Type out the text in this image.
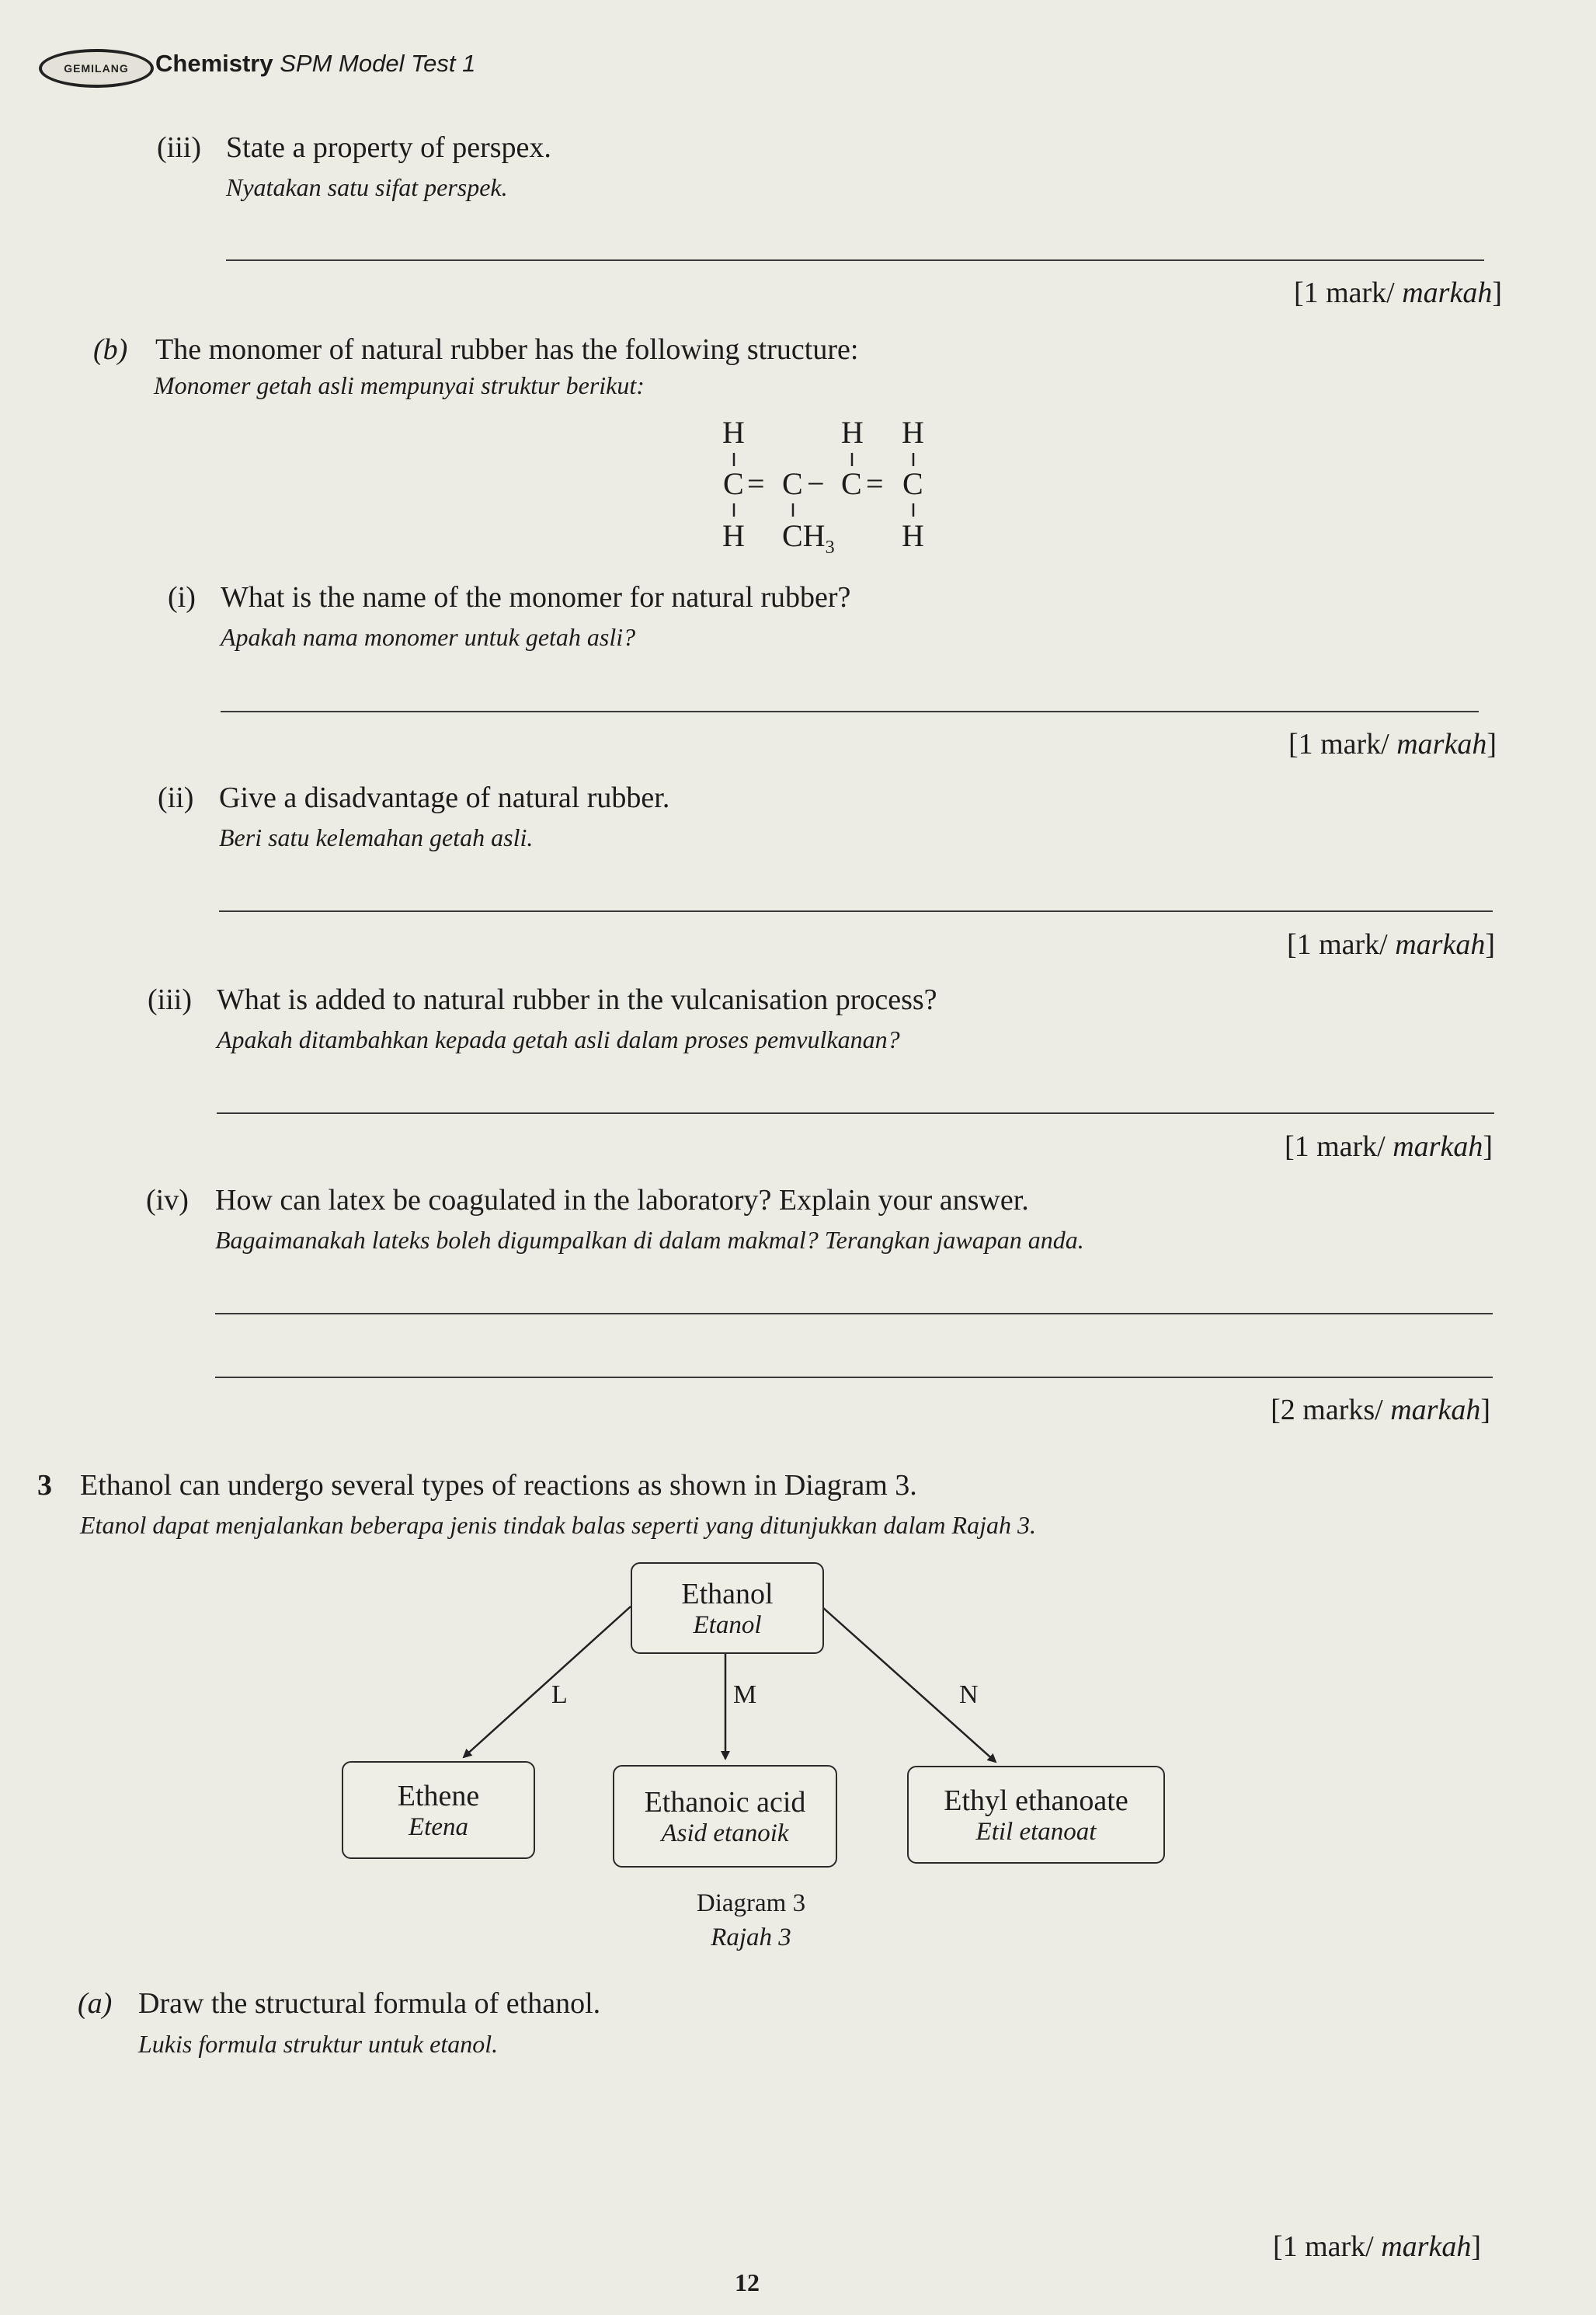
GEMILANG Chemistry SPM Model Test 1
(iii) State a property of perspex.
Nyatakan satu sifat perspek.
[1 mark/ markah]
(b) The monomer of natural rubber has the following structure:
Monomer getah asli mempunyai struktur berikut:
H	H H
C = C − C = C
H $CH_3$ H
(i) What is the name of the monomer for natural rubber?
Apakah nama monomer untuk getah asli?
[1 mark/ markah]
(ii) Give a disadvantage of natural rubber.
Beri satu kelemahan getah asli.
[1 mark/ markah]
(iii) What is added to natural rubber in the vulcanisation process?
Apakah ditambahkan kepada getah asli dalam proses pemvulkanan?
[1 mark/ markah]
(iv) How can latex be coagulated in the laboratory? Explain your answer.
Bagaimanakah lateks boleh digumpalkan di dalam makmal? Terangkan jawapan anda.
[2 marks/ markah]
3 Ethanol can undergo several types of reactions as shown in Diagram 3.
Etanol dapat menjalankan beberapa jenis tindak balas seperti yang ditunjukkan dalam Rajah 3.
Ethanol
Etanol
Ethene
Etena
Ethanoic acid
Asid etanoik
Ethyl ethanoate
Etil etanoat
L	M	N
Diagram 3
Rajah 3
(a) Draw the structural formula of ethanol.
Lukis formula struktur untuk etanol.
[1 mark/ markah]
12
